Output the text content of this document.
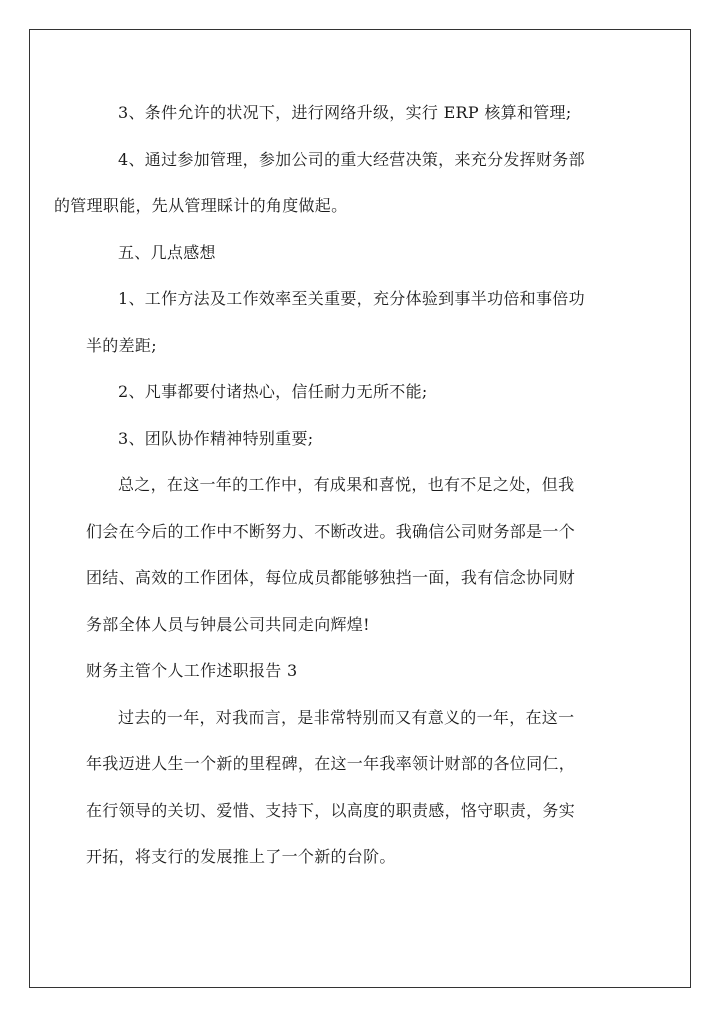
3、条件允许的状况下，进行网络升级，实行 ERP 核算和管理;

4、通过参加管理，参加公司的重大经营决策，来充分发挥财务部
的管理职能，先从管理睬计的角度做起。

五、几点感想

1、工作方法及工作效率至关重要，充分体验到事半功倍和事倍功
半的差距;

2、凡事都要付诸热心，信任耐力无所不能;

3、团队协作精神特别重要;

总之，在这一年的工作中，有成果和喜悦，也有不足之处，但我
们会在今后的工作中不断努力、不断改进。我确信公司财务部是一个
团结、高效的工作团体，每位成员都能够独挡一面，我有信念协同财
务部全体人员与钟晨公司共同走向辉煌!

财务主管个人工作述职报告 3

过去的一年，对我而言，是非常特别而又有意义的一年，在这一
年我迈进人生一个新的里程碑，在这一年我率领计财部的各位同仁，
在行领导的关切、爱惜、支持下，以高度的职责感，恪守职责，务实
开拓，将支行的发展推上了一个新的台阶。
